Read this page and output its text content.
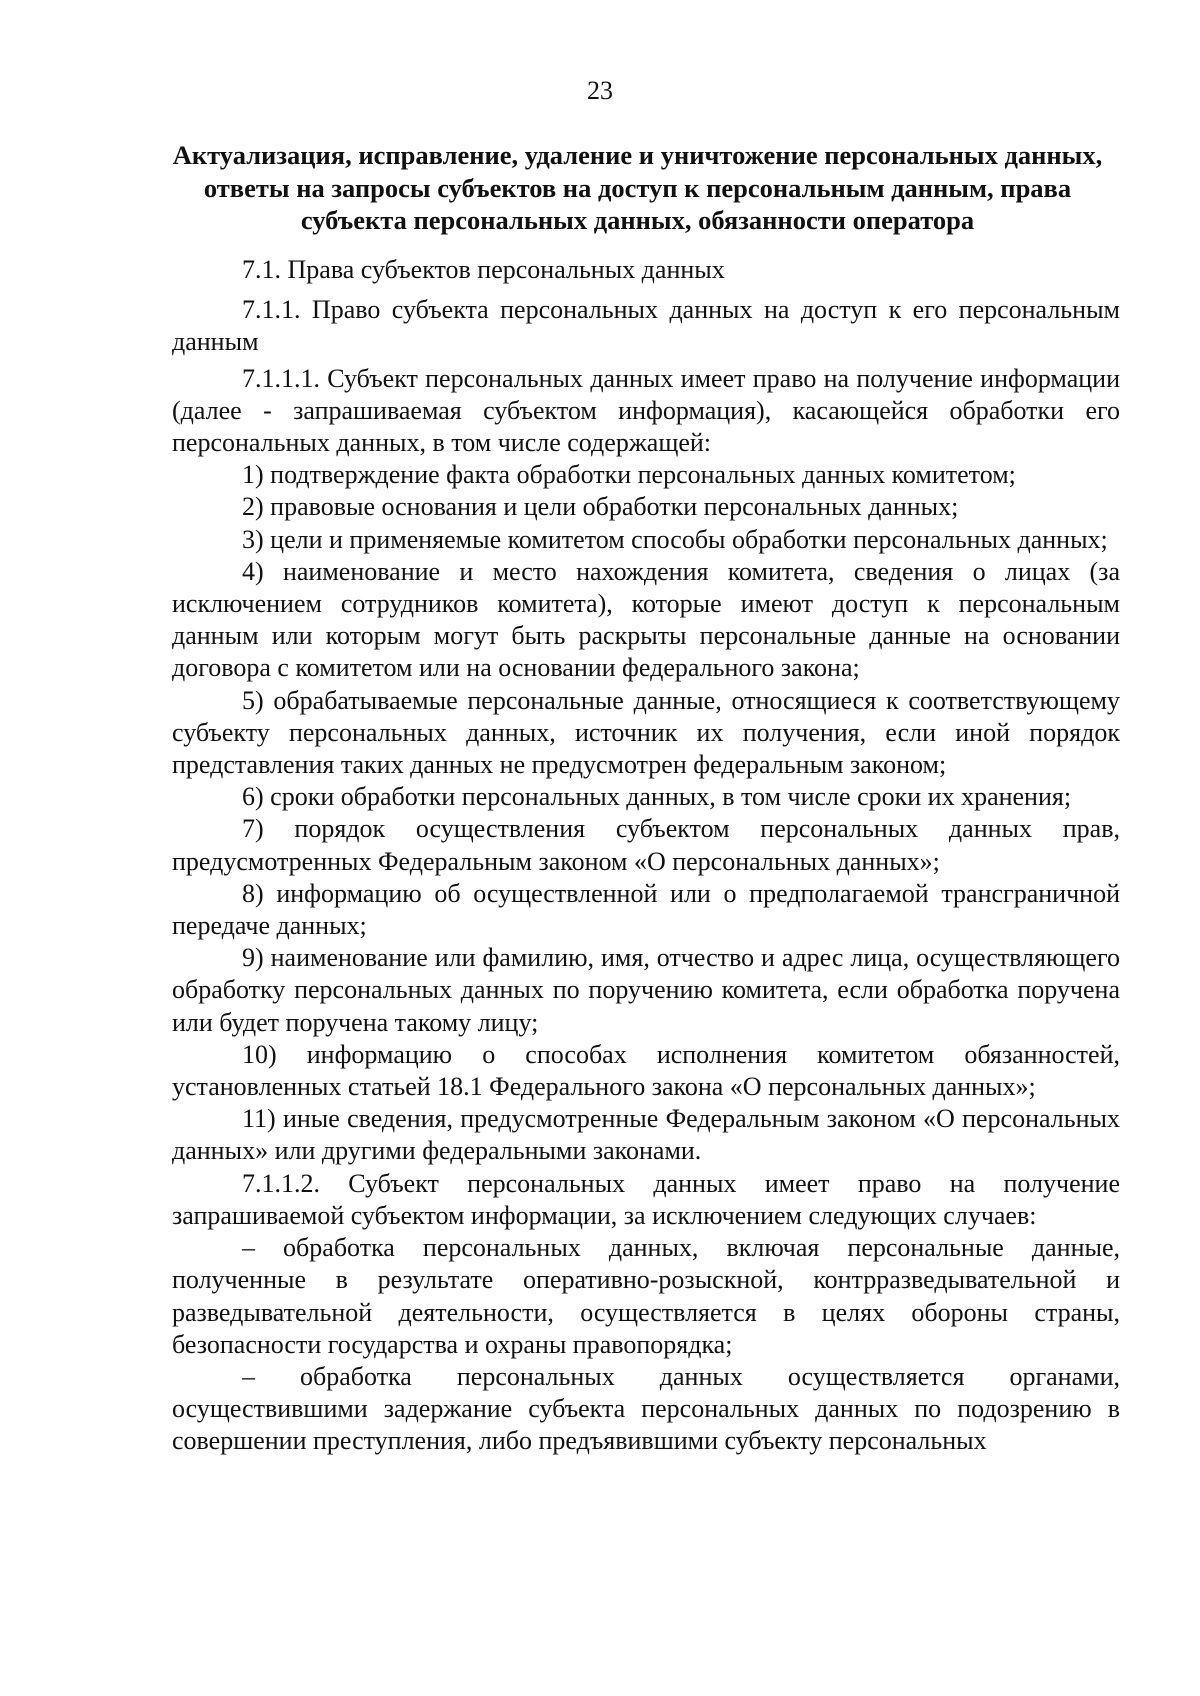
23
Актуализация, исправление, удаление и уничтожение персональных данных, ответы на запросы субъектов на доступ к персональным данным, права субъекта персональных данных, обязанности оператора

7.1. Права субъектов персональных данных

7.1.1. Право субъекта персональных данных на доступ к его персональным данным

7.1.1.1. Субъект персональных данных имеет право на получение информации (далее - запрашиваемая субъектом информация), касающейся обработки его персональных данных, в том числе содержащей:

1) подтверждение факта обработки персональных данных комитетом;

2) правовые основания и цели обработки персональных данных;

3) цели и применяемые комитетом способы обработки персональных данных;

4) наименование и место нахождения комитета, сведения о лицах (за исключением сотрудников комитета), которые имеют доступ к персональным данным или которым могут быть раскрыты персональные данные на основании договора с комитетом или на основании федерального закона;

5) обрабатываемые персональные данные, относящиеся к соответствующему субъекту персональных данных, источник их получения, если иной порядок представления таких данных не предусмотрен федеральным законом;

6) сроки обработки персональных данных, в том числе сроки их хранения;

7) порядок осуществления субъектом персональных данных прав, предусмотренных Федеральным законом «О персональных данных»;

8) информацию об осуществленной или о предполагаемой трансграничной передаче данных;

9) наименование или фамилию, имя, отчество и адрес лица, осуществляющего обработку персональных данных по поручению комитета, если обработка поручена или будет поручена такому лицу;

10) информацию о способах исполнения комитетом обязанностей, установленных статьей 18.1 Федерального закона «О персональных данных»;

11) иные сведения, предусмотренные Федеральным законом «О персональных данных» или другими федеральными законами.

7.1.1.2. Субъект персональных данных имеет право на получение запрашиваемой субъектом информации, за исключением следующих случаев:

– обработка персональных данных, включая персональные данные, полученные в результате оперативно-розыскной, контрразведывательной и разведывательной деятельности, осуществляется в целях обороны страны, безопасности государства и охраны правопорядка;

– обработка персональных данных осуществляется органами, осуществившими задержание субъекта персональных данных по подозрению в совершении преступления, либо предъявившими субъекту персональных
